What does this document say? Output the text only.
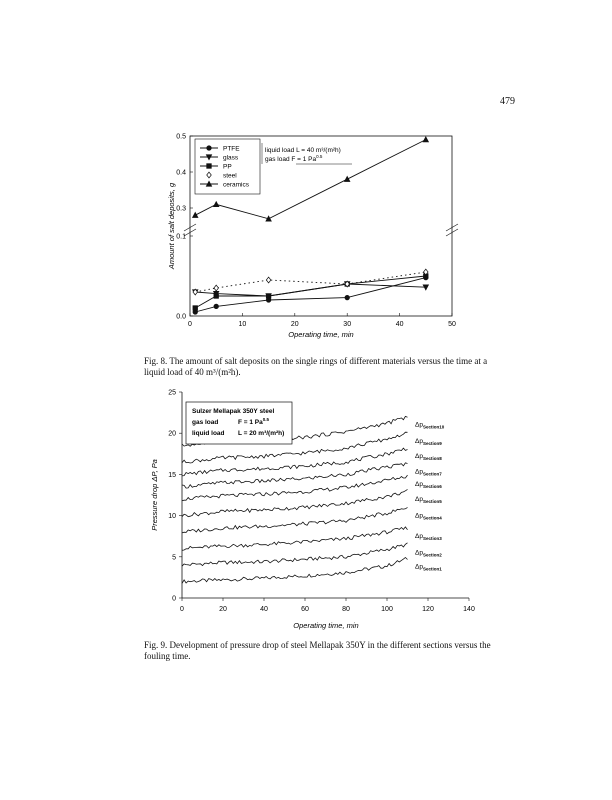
479
0	10	20	30	40	50
0.0
0.1
0.3
0.4
0.5
PTFE
glass
PP
steel
ceramics
liquid load L = 40 m³/(m²h)
gas load F = 1 $Pa^{0.5}$
Amount of salt deposits, g
Operating time, min
0	20	40	60	80	100	120	140
0
5
10
15
20
25
$\Delta p_{Section1}$
$\Delta p_{Section2}$
$\Delta p_{Section3}$
$\Delta p_{Section4}$
$\Delta p_{Section5}$
$\Delta p_{Section6}$
$\Delta p_{Section7}$
$\Delta p_{Section8}$
$\Delta p_{Section9}$
$\Delta p_{Section10}$
Sulzer Mellapak 350Y steel
gas load	F = 1 $Pa^{0.5}$
liquid load L = 20 m³/(m²h)
Pressure drop ΔP, Pa
Operating time, min
Fig. 8. The amount of salt deposits on the single rings of different materials versus the time at a liquid load of 40 m³/(m²h).
Fig. 9. Development of pressure drop of steel Mellapak 350Y in the different sections versus the fouling time.
